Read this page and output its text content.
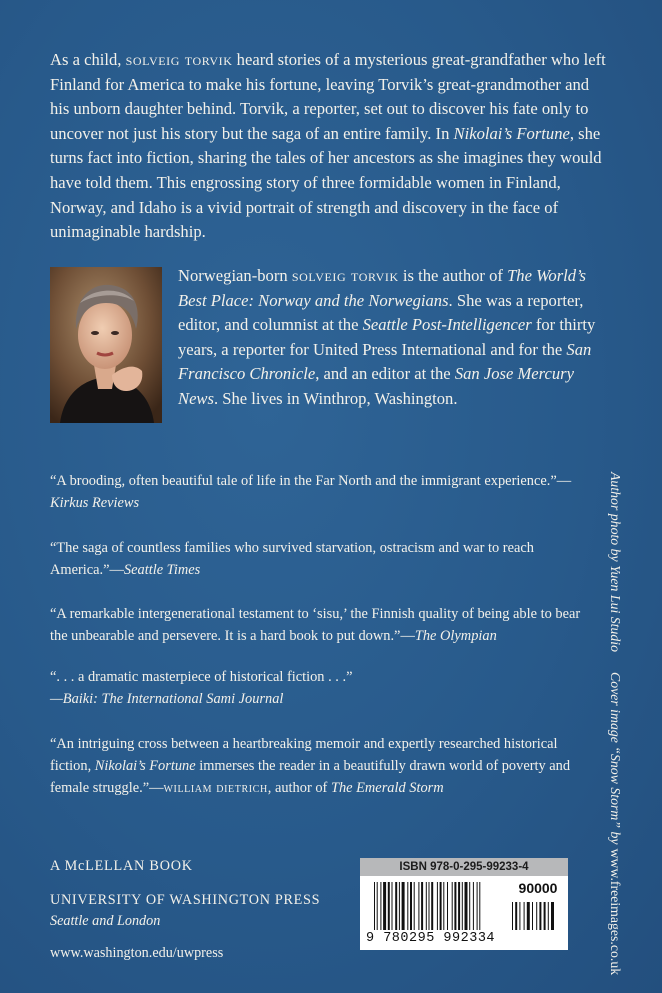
As a child, solveig torvik heard stories of a mysterious great-grandfather who left Finland for America to make his fortune, leaving Torvik’s great-grandmother and his unborn daughter behind. Torvik, a reporter, set out to discover his fate only to uncover not just his story but the saga of an entire family. In Nikolai’s Fortune, she turns fact into fiction, sharing the tales of her ancestors as she imagines they would have told them. This engrossing story of three formidable women in Finland, Norway, and Idaho is a vivid portrait of strength and discovery in the face of unimaginable hardship.

Norwegian-born solveig torvik is the author of The World’s Best Place: Norway and the Norwegians. She was a reporter, editor, and columnist at the Seattle Post-Intelligencer for thirty years, a reporter for United Press International and for the San Francisco Chronicle, and an editor at the San Jose Mercury News. She lives in Winthrop, Washington.

“A brooding, often beautiful tale of life in the Far North and the immigrant experience.”—Kirkus Reviews

“The saga of countless families who survived starvation, ostracism and war to reach America.”—Seattle Times

“A remarkable intergenerational testament to ‘sisu,’ the Finnish quality of being able to bear the unbearable and persevere. It is a hard book to put down.”—The Olympian

“. . . a dramatic masterpiece of historical fiction . . .”
—Baiki: The International Sami Journal

“An intriguing cross between a heartbreaking memoir and expertly researched historical fiction, Nikolai’s Fortune immerses the reader in a beautifully drawn world of poverty and female struggle.”—william dietrich, author of The Emerald Storm

A McLELLAN BOOK
UNIVERSITY OF WASHINGTON PRESS
Seattle and London
www.washington.edu/uwpress
Author photo by Yuen Lui Studio
Cover image “Snow Storm” bywww.freeimages.co.uk
ISBN 978-0-295-99233-4
90000
9 780295 992334
